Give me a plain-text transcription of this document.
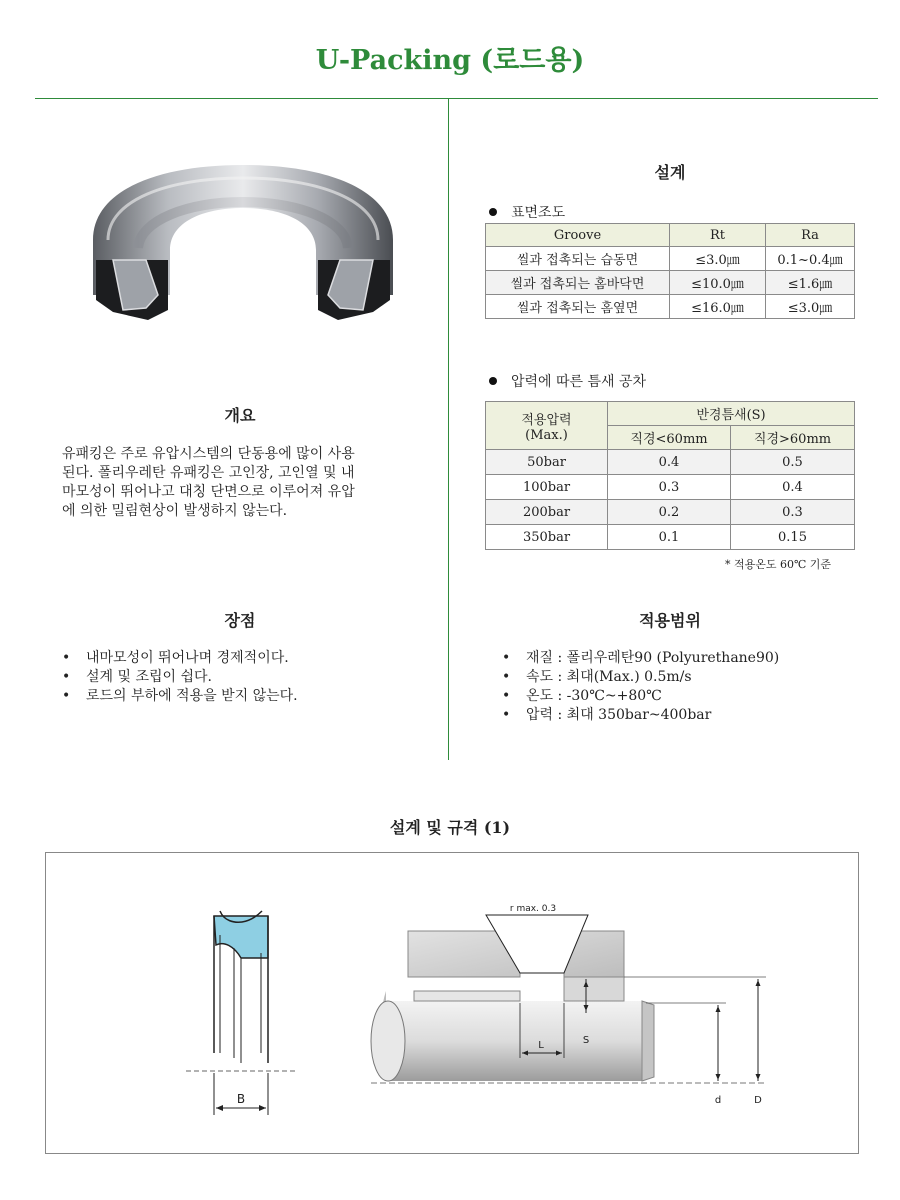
U-Packing (로드용)
개요
유패킹은 주로 유압시스템의 단동용에 많이 사용
된다. 폴리우레탄 유패킹은 고인장, 고인열 및 내
마모성이 뛰어나고 대칭 단면으로 이루어져 유압
에 의한 밀림현상이 발생하지 않는다.
장점
• 내마모성이 뛰어나며 경제적이다.
• 설계 및 조립이 쉽다.
• 로드의 부하에 적용을 받지 않는다.
설계
표면조도
Groove	Rt	Ra
씰과 접촉되는 습동면	≤3.0㎛	0.1~0.4㎛
씰과 접촉되는 홈바닥면	≤10.0㎛	≤1.6㎛
씰과 접촉되는 홈옆면	≤16.0㎛	≤3.0㎛
압력에 따른 틈새 공차
적용압력
(Max.)	반경틈새(S)	
	직경<60mm	직경>60mm
50bar	0.4	0.5
100bar	0.3	0.4
200bar	0.2	0.3
350bar	0.1	0.15
* 적용온도 60℃ 기준
적용범위
• 재질 : 폴리우레탄90 (Polyurethane90)
• 속도 : 최대(Max.) 0.5m/s
• 온도 : -30℃~+80℃
• 압력 : 최대 350bar~400bar
설계 및 규격 (1)
B
r max. 0.3
L	S
d	D
